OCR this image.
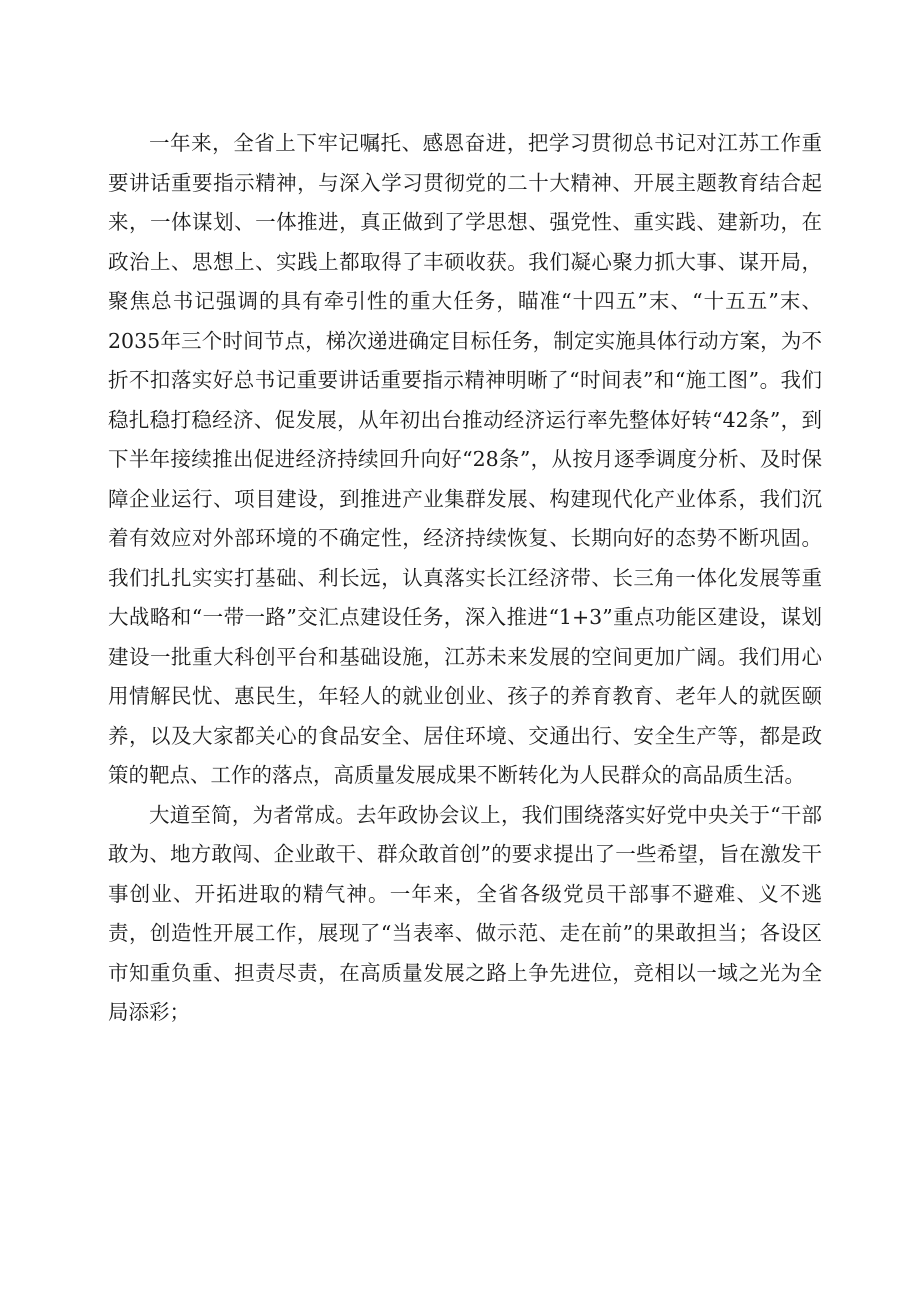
一年来，全省上下牢记嘱托、感恩奋进，把学习贯彻总书记对江苏工作重要讲话重要指示精神，与深入学习贯彻党的二十大精神、开展主题教育结合起来，一体谋划、一体推进，真正做到了学思想、强党性、重实践、建新功，在政治上、思想上、实践上都取得了丰硕收获。我们凝心聚力抓大事、谋开局，聚焦总书记强调的具有牵引性的重大任务，瞄准“十四五”末、“十五五”末、2035年三个时间节点，梯次递进确定目标任务，制定实施具体行动方案，为不折不扣落实好总书记重要讲话重要指示精神明晰了“时间表”和“施工图”。我们稳扎稳打稳经济、促发展，从年初出台推动经济运行率先整体好转“42条”，到下半年接续推出促进经济持续回升向好“28条”，从按月逐季调度分析、及时保障企业运行、项目建设，到推进产业集群发展、构建现代化产业体系，我们沉着有效应对外部环境的不确定性，经济持续恢复、长期向好的态势不断巩固。我们扎扎实实打基础、利长远，认真落实长江经济带、长三角一体化发展等重大战略和“一带一路”交汇点建设任务，深入推进“1+3”重点功能区建设，谋划建设一批重大科创平台和基础设施，江苏未来发展的空间更加广阔。我们用心用情解民忧、惠民生，年轻人的就业创业、孩子的养育教育、老年人的就医颐养，以及大家都关心的食品安全、居住环境、交通出行、安全生产等，都是政策的靶点、工作的落点，高质量发展成果不断转化为人民群众的高品质生活。

大道至简，为者常成。去年政协会议上，我们围绕落实好党中央关于“干部敢为、地方敢闯、企业敢干、群众敢首创”的要求提出了一些希望，旨在激发干事创业、开拓进取的精气神。一年来，全省各级党员干部事不避难、义不逃责，创造性开展工作，展现了“当表率、做示范、走在前”的果敢担当；各设区市知重负重、担责尽责，在高质量发展之路上争先进位，竞相以一域之光为全局添彩；
